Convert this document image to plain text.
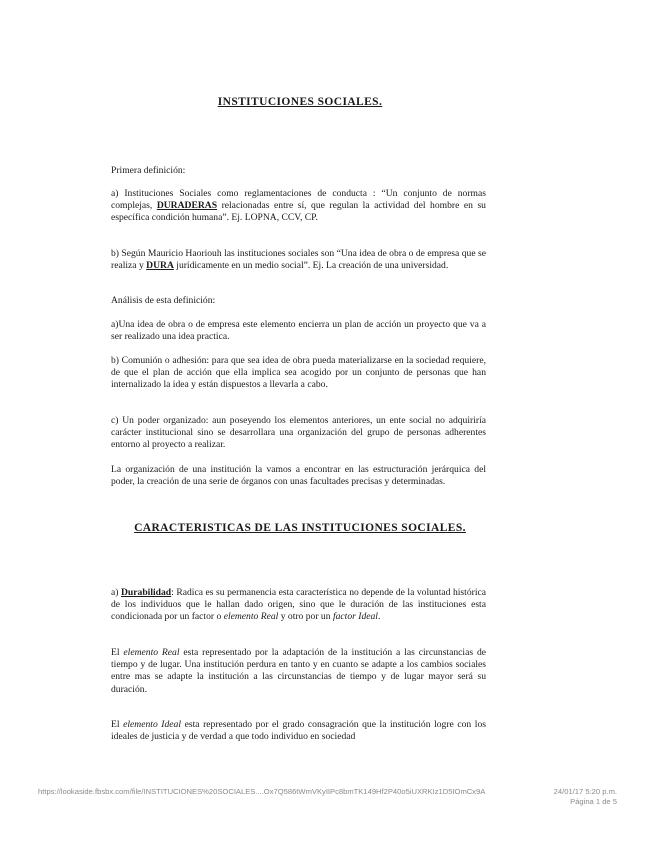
INSTITUCIONES SOCIALES.
Primera definición:
a) Instituciones Sociales como reglamentaciones de conducta : “Un conjunto de normas complejas, DURADERAS relacionadas entre sí, que regulan la actividad del hombre en su específica condición humana”. Ej. LOPNA, CCV, CP.
b) Según Mauricio Haoriouh las instituciones sociales son “Una idea de obra o de empresa que se realiza y DURA jurídicamente en un medio social”. Ej. La creación de una universidad.
Análisis de esta definición:
a)Una idea de obra o de empresa este elemento encierra un plan de acción un proyecto que va a ser realizado una idea practica.
b) Comunión o adhesión: para que sea idea de obra pueda materializarse en la sociedad requiere, de que el plan de acción que ella implica sea acogido por un conjunto de personas que han internalizado la idea y están dispuestos a llevarla a cabo.
c) Un poder organizado: aun poseyendo los elementos anteriores, un ente social no adquiriría carácter institucional sino se desarrollara una organización del grupo de personas adherentes entorno al proyecto a realizar.
La organización de una institución la vamos a encontrar en las estructuración jerárquica del poder, la creación de una serie de órganos con unas facultades precisas y determinadas.
CARACTERISTICAS DE LAS INSTITUCIONES SOCIALES.
a) Durabilidad: Radica es su permanencia esta característica no depende de la voluntad histórica de los individuos que le hallan dado origen, sino que le duración de las instituciones esta condicionada por un factor o elemento Real y otro por un factor Ideal.
El elemento Real esta representado por la adaptación de la institución a las circunstancias de tiempo y de lugar. Una institución perdura en tanto y en cuanto se adapte a los cambios sociales entre mas se adapte la institución a las circunstancias de tiempo y de lugar mayor será su duración.
El elemento Ideal esta representado por el grado consagración que la institución logre con los ideales de justicia y de verdad a que todo individuo en sociedad
https://lookaside.fbsbx.com/file/INSTITUCIONES%20SOCIALES....Ox7Q586tWmVKyIIPc8bmTK149Hf2P40o5iUXRKIz1D5IOmCx9A	24/01/17 5:20 p.m.
Página 1 de 5
